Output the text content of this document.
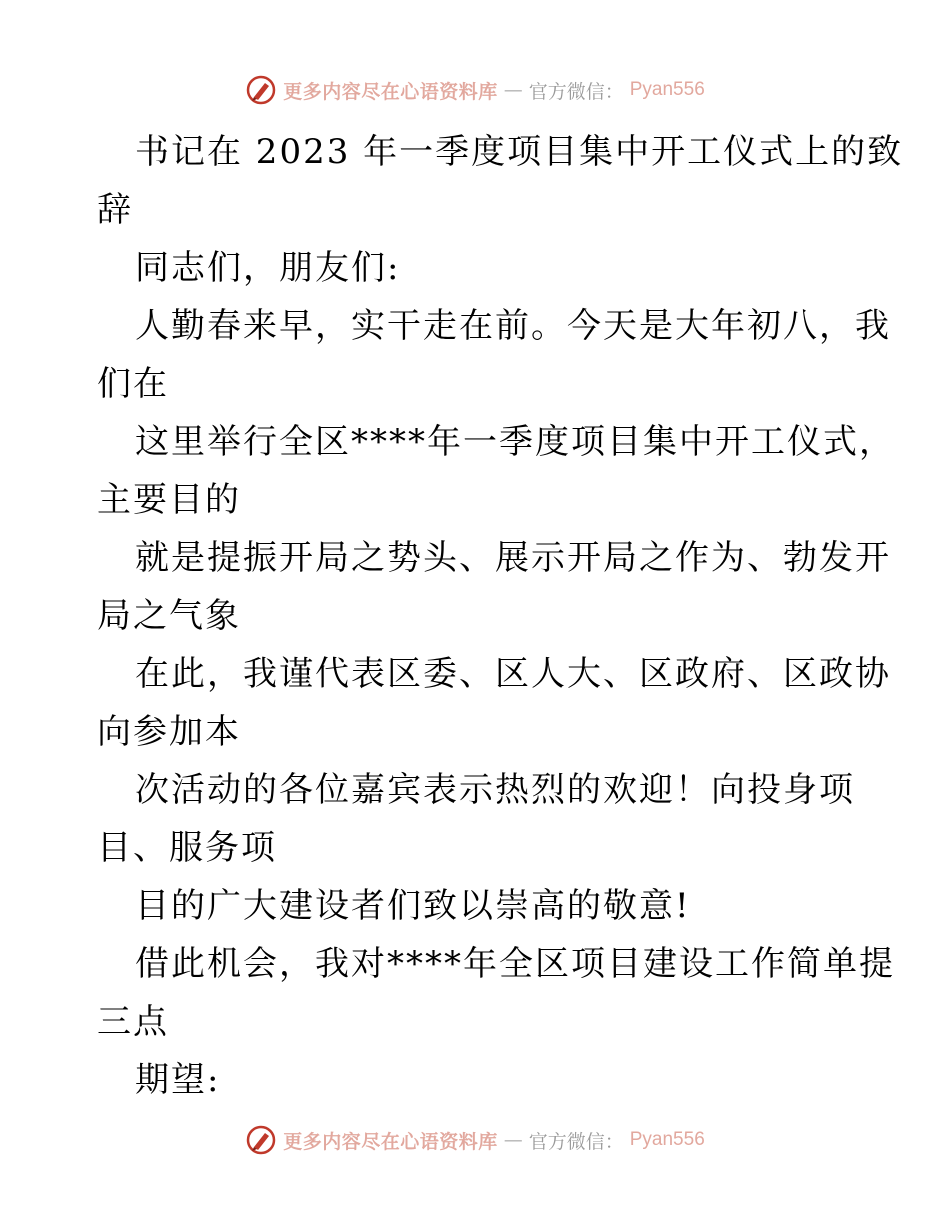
更多内容尽在心语资料库 — 官方微信： Pyan556
书记在 2023 年一季度项目集中开工仪式上的致
辞
同志们，朋友们:
人勤春来早，实干走在前。今天是大年初八，我
们在
这里举行全区****年一季度项目集中开工仪式，
主要目的
就是提振开局之势头、展示开局之作为、勃发开
局之气象
在此，我谨代表区委、区人大、区政府、区政协
向参加本
次活动的各位嘉宾表示热烈的欢迎！向投身项
目、服务项
目的广大建设者们致以崇高的敬意!
借此机会，我对****年全区项目建设工作简单提
三点
期望:
更多内容尽在心语资料库 — 官方微信： Pyan556
